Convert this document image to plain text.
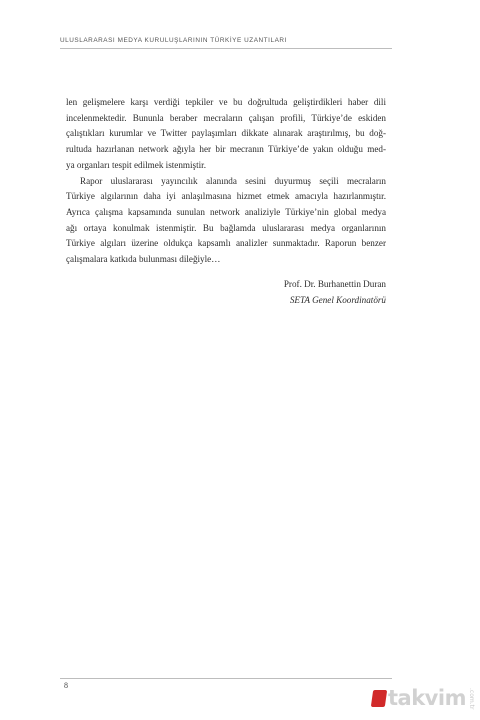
ULUSLARARASI MEDYA KURULUŞLARININ TÜRKİYE UZANTILARI
len gelişmelere karşı verdiği tepkiler ve bu doğrultuda geliştirdikleri haber dili
incelenmektedir. Bununla beraber mecraların çalışan profili, Türkiye’de eskiden
çalıştıkları kurumlar ve Twitter paylaşımları dikkate alınarak araştırılmış, bu doğ-
rultuda hazırlanan network ağıyla her bir mecranın Türkiye’de yakın olduğu med-
ya organları tespit edilmek istenmiştir.
Rapor uluslararası yayıncılık alanında sesini duyurmuş seçili mecraların
Türkiye algılarının daha iyi anlaşılmasına hizmet etmek amacıyla hazırlanmıştır.
Ayrıca çalışma kapsamında sunulan network analiziyle Türkiye’nin global medya
ağı ortaya konulmak istenmiştir. Bu bağlamda uluslararası medya organlarının
Türkiye algıları üzerine oldukça kapsamlı analizler sunmaktadır. Raporun benzer
çalışmalara katkıda bulunması dileğiyle…
Prof. Dr. Burhanettin Duran
SETA Genel Koordinatörü
8
takvim .com.tr
